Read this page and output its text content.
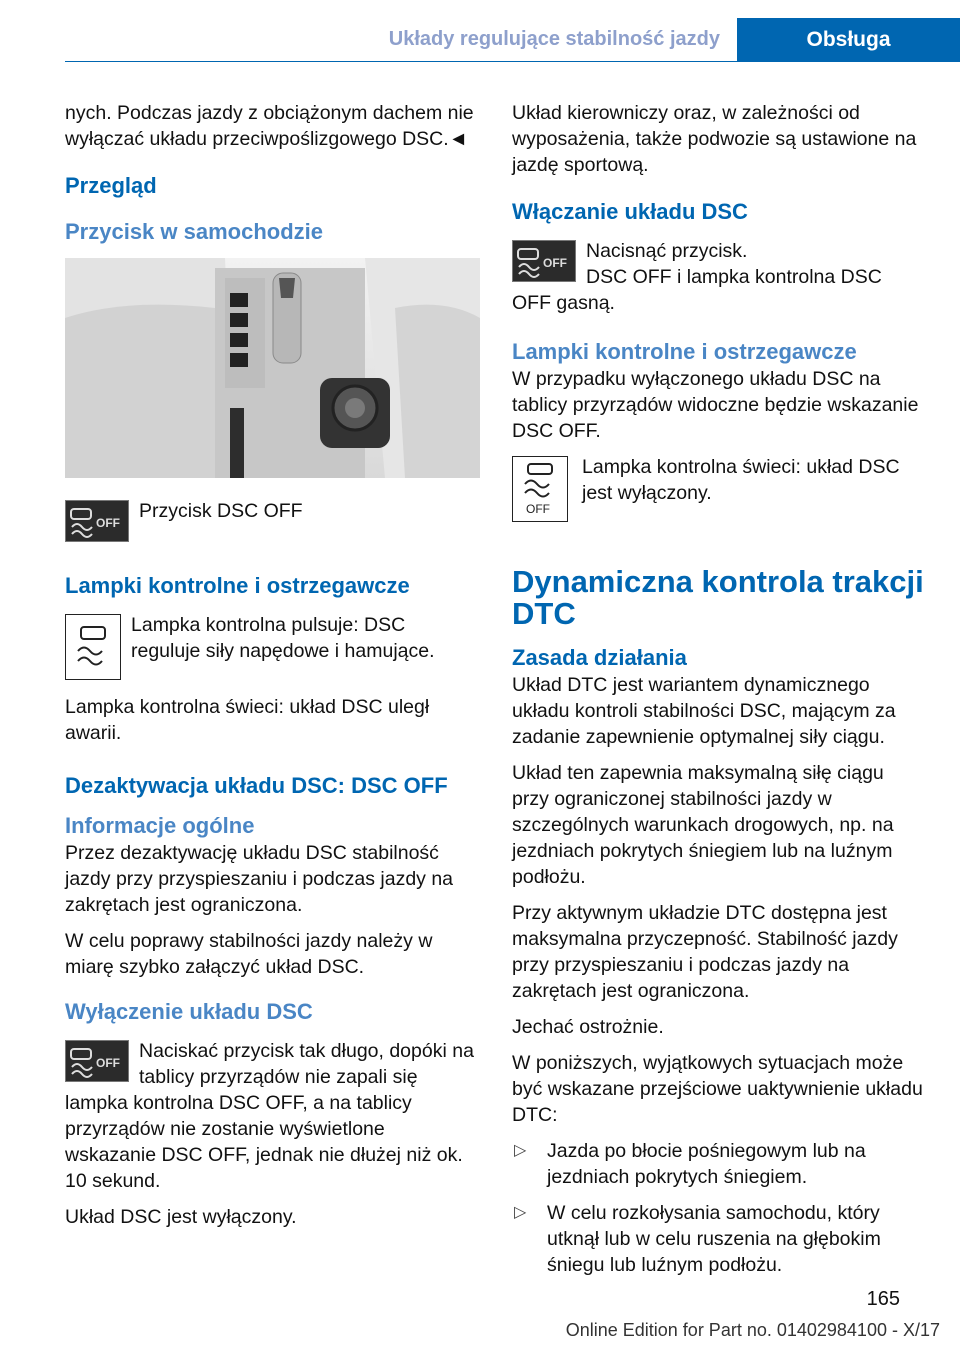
Układy regulujące stabilność jazdy	Obsługa

nych. Podczas jazdy z obciążonym dachem nie wyłączać układu przeciwpoślizgowego DSC.◄

Przegląd
Przycisk w samochodzie
OFF
Przycisk DSC OFF
Lampki kontrolne i ostrzegawcze
Lampka kontrolna pulsuje: DSC reguluje siły napędowe i hamujące.

Lampka kontrolna świeci: układ DSC uległ awarii.

Dezaktywacja układu DSC: DSC OFF
Informacje ogólne

Przez dezaktywację układu DSC stabilność jazdy przy przyspieszaniu i podczas jazdy na zakrętach jest ograniczona.

W celu poprawy stabilności jazdy należy w miarę szybko załączyć układ DSC.

Wyłączenie układu DSC
OFF
Naciskać przycisk tak długo, dopóki na tablicy przyrządów nie zapali się lampka kontrolna DSC OFF, a na tablicy przyrządów nie zostanie wyświetlone wskazanie DSC OFF, jednak nie dłużej niż ok. 10 sekund.

Układ DSC jest wyłączony.

Układ kierowniczy oraz, w zależności od wyposażenia, także podwozie są ustawione na jazdę sportową.

Włączanie układu DSC
OFF
Nacisnąć przycisk.
DSC OFF i lampka kontrolna DSC OFF gasną.
Lampki kontrolne i ostrzegawcze

W przypadku wyłączonego układu DSC na tablicy przyrządów widoczne będzie wskazanie DSC OFF.

OFF
Lampka kontrolna świeci: układ DSC jest wyłączony.
Dynamiczna kontrola trakcji DTC
Zasada działania

Układ DTC jest wariantem dynamicznego układu kontroli stabilności DSC, mającym za zadanie zapewnienie optymalnej siły ciągu.

Układ ten zapewnia maksymalną siłę ciągu przy ograniczonej stabilności jazdy w szczególnych warunkach drogowych, np. na jezdniach pokrytych śniegiem lub na luźnym podłożu.

Przy aktywnym układzie DTC dostępna jest maksymalna przyczepność. Stabilność jazdy przy przyspieszaniu i podczas jazdy na zakrętach jest ograniczona.

Jechać ostrożnie.

W poniższych, wyjątkowych sytuacjach może być wskazane przejściowe uaktywnienie układu DTC:

▷ Jazda po błocie pośniegowym lub na jezdniach pokrytych śniegiem.
▷ W celu rozkołysania samochodu, który utknął lub w celu ruszenia na głębokim śniegu lub luźnym podłożu.
165
Online Edition for Part no. 01402984100 - X/17
